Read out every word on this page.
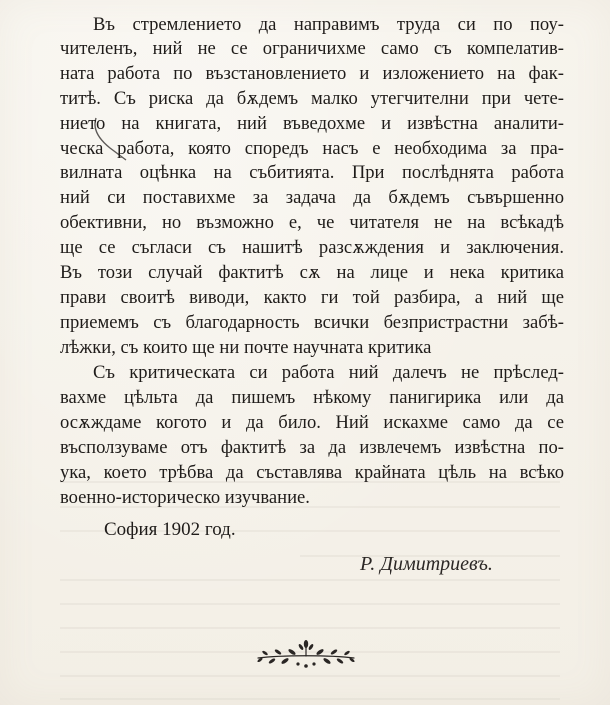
Въ стремлението да направимъ труда си по поу-
чителенъ, ний не се ограничихме само съ компелатив-
ната работа по възстановлението и изложението на фак-
титѣ. Съ риска да бѫдемъ малко утегчителни при чете-
нието на книгата, ний въведохме и извѣстна аналити-
ческа работа, която споредъ насъ е необходима за пра-
вилната оцѣнка на събитията. При послѣднята работа
ний си поставихме за задача да бѫдемъ съвършенно
обективни, но възможно е, че читателя не на всѣкадѣ
ще се съгласи съ нашитѣ разсѫждения и заключения.
Въ този случай фактитѣ сѫ на лице и нека критика
прави своитѣ виводи, както ги той разбира, а ний ще
приемемъ съ благодарность всички безпристрастни забѣ-
лѣжки, съ които ще ни почте научната критика
Съ критическата си работа ний далечъ не прѣслед-
вахме цѣльта да пишемъ нѣкому панигирика или да
осѫждаме когото и да било. Ний искахме само да се
въсползуваме отъ фактитѣ за да извлечемъ извѣстна по-
ука, което трѣбва да съставлява крайната цѣль на всѣко
военно-историческо изучвание.
София 1902 год.
Р. Димитриевъ.
